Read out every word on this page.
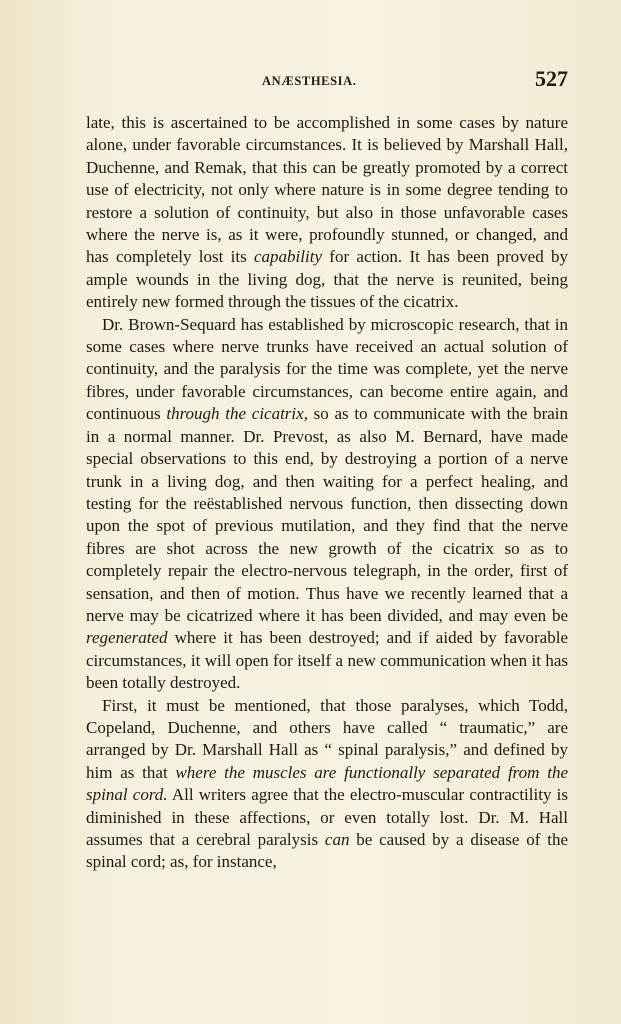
ANÆSTHESIA.	527

late, this is ascertained to be accomplished in some cases by nature alone, under favorable circumstances. It is believed by Marshall Hall, Duchenne, and Remak, that this can be greatly promoted by a correct use of electricity, not only where nature is in some degree tending to restore a solution of continuity, but also in those unfavorable cases where the nerve is, as it were, profoundly stunned, or changed, and has completely lost its capability for action. It has been proved by ample wounds in the living dog, that the nerve is reunited, being entirely new formed through the tissues of the cicatrix.

Dr. Brown-Sequard has established by microscopic research, that in some cases where nerve trunks have received an actual solution of continuity, and the paralysis for the time was complete, yet the nerve fibres, under favorable circumstances, can become entire again, and continuous through the cicatrix, so as to communicate with the brain in a normal manner. Dr. Prevost, as also M. Bernard, have made special observations to this end, by destroying a portion of a nerve trunk in a living dog, and then waiting for a perfect healing, and testing for the reëstablished nervous function, then dissecting down upon the spot of previous mutilation, and they find that the nerve fibres are shot across the new growth of the cicatrix so as to completely repair the electro-nervous telegraph, in the order, first of sensation, and then of motion. Thus have we recently learned that a nerve may be cicatrized where it has been divided, and may even be regenerated where it has been destroyed; and if aided by favorable circumstances, it will open for itself a new communication when it has been totally destroyed.

First, it must be mentioned, that those paralyses, which Todd, Copeland, Duchenne, and others have called “ traumatic,” are arranged by Dr. Marshall Hall as “ spinal paralysis,” and defined by him as that where the muscles are functionally separated from the spinal cord. All writers agree that the electro-muscular contractility is diminished in these affections, or even totally lost. Dr. M. Hall assumes that a cerebral paralysis can be caused by a disease of the spinal cord; as, for instance,
